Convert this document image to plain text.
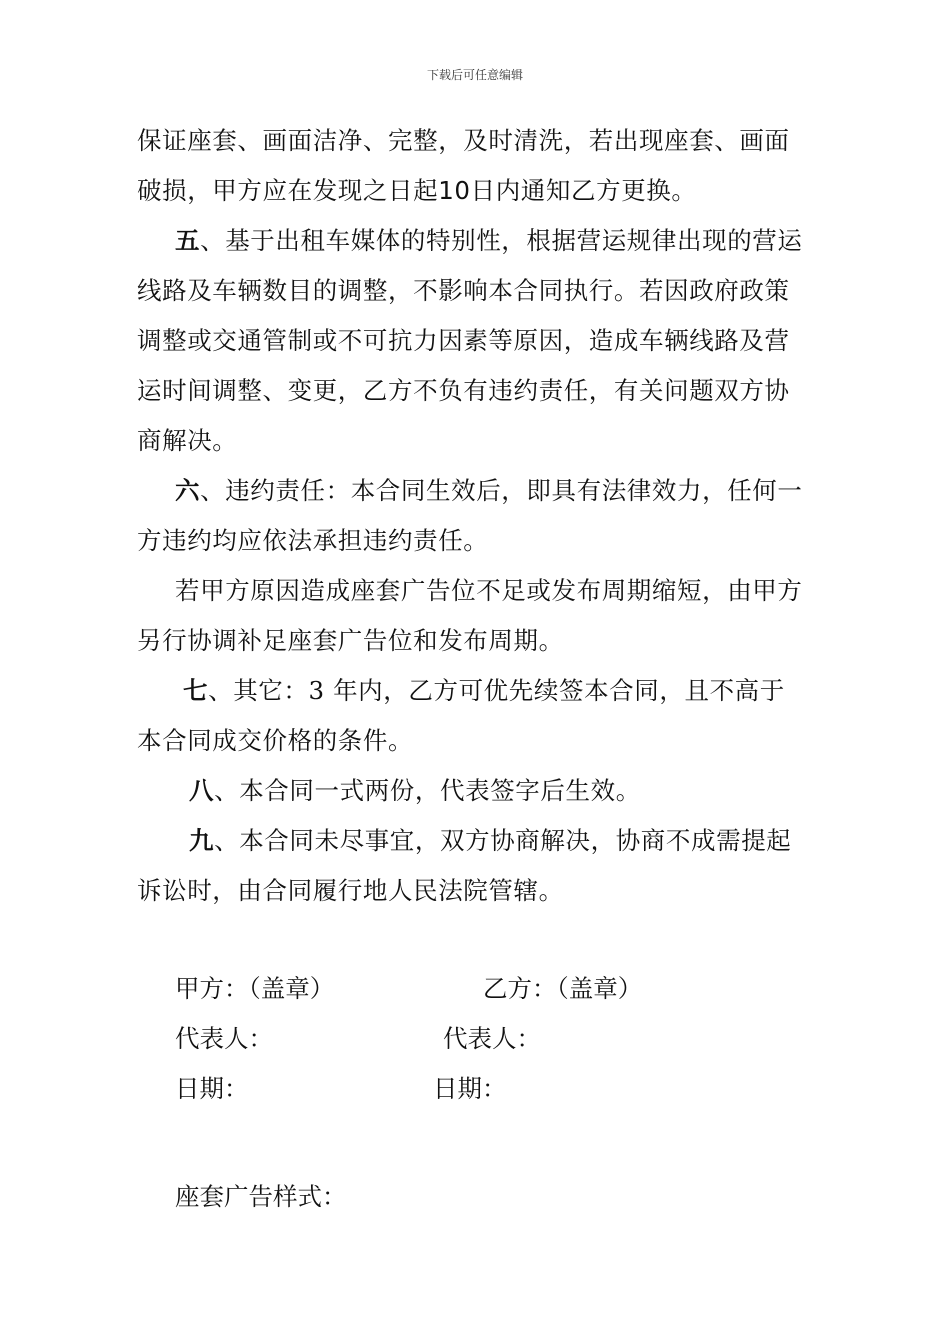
下载后可任意编辑

保证座套、画面洁净、完整，及时清洗，若出现座套、画面

破损，甲方应在发现之日起10日内通知乙方更换。

五、基于出租车媒体的特别性，根据营运规律出现的营运

线路及车辆数目的调整，不影响本合同执行。若因政府政策

调整或交通管制或不可抗力因素等原因，造成车辆线路及营

运时间调整、变更，乙方不负有违约责任，有关问题双方协

商解决。

六、违约责任：本合同生效后，即具有法律效力，任何一

方违约均应依法承担违约责任。

若甲方原因造成座套广告位不足或发布周期缩短，由甲方

另行协调补足座套广告位和发布周期。

七、其它：3 年内，乙方可优先续签本合同，且不高于

本合同成交价格的条件。

八、本合同一式两份，代表签字后生效。

九、本合同未尽事宜，双方协商解决，协商不成需提起

诉讼时，由合同履行地人民法院管辖。

甲方：（盖章）	乙方：（盖章）
代表人：	代表人：
日期：	日期：
座套广告样式：
